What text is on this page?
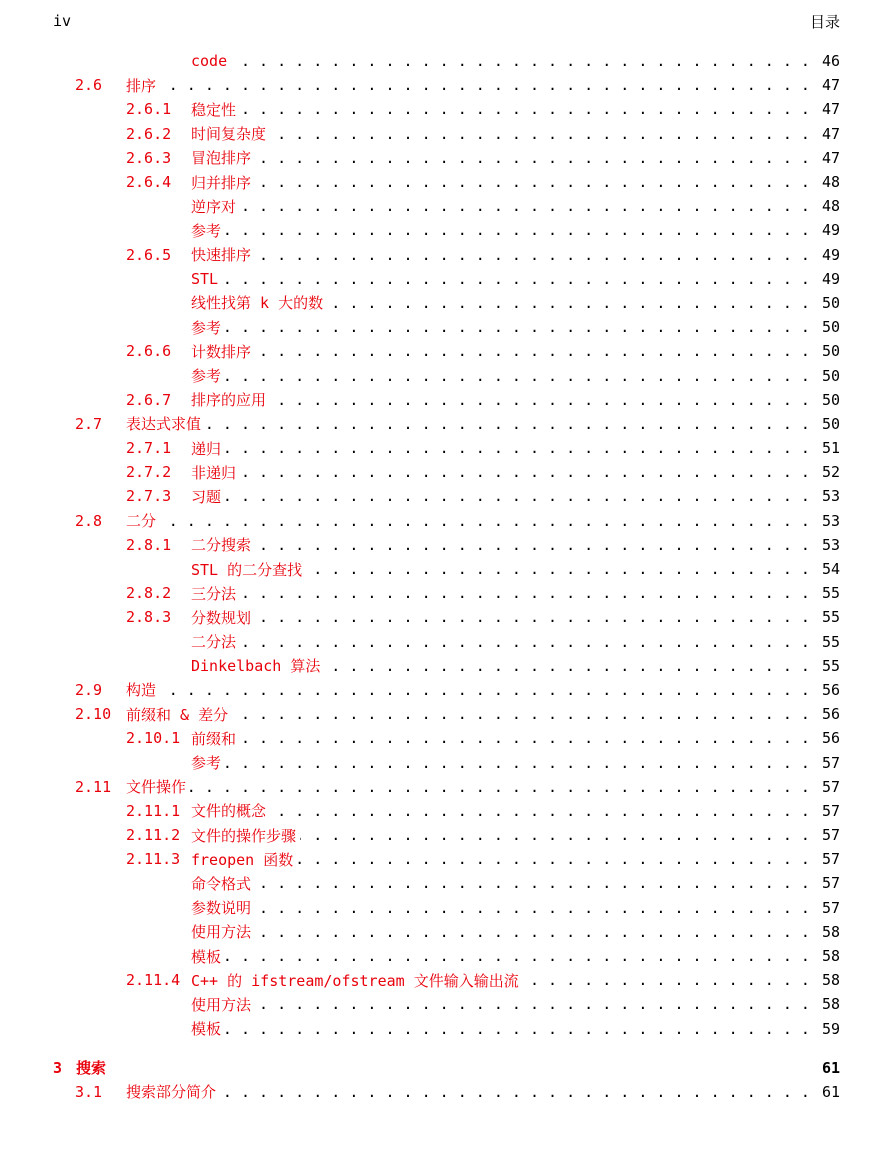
iv	目录
code . . .	46
2.6	排序 . . .	47
2.6.1	稳定性 . . .	47
2.6.2	时间复杂度 . . .	47
2.6.3	冒泡排序 . . .	47
2.6.4	归并排序 . . .	48
逆序对 . . .	48
参考 . . .	49
2.6.5	快速排序 . . .	49
STL . . .	49
线性找第 k 大的数 . . .	50
参考 . . .	50
2.6.6	计数排序 . . .	50
参考 . . .	50
2.6.7	排序的应用 . . .	50
2.7	表达式求值 . . .	50
2.7.1	递归 . . .	51
2.7.2	非递归 . . .	52
2.7.3	习题 . . .	53
2.8	二分 . . .	53
2.8.1	二分搜索 . . .	53
STL 的二分查找 . . .	54
2.8.2	三分法 . . .	55
2.8.3	分数规划 . . .	55
二分法 . . .	55
Dinkelbach 算法 . . .	55
2.9	构造 . . .	56
2.10 前缀和 & 差分 . . .	56
2.10.1 前缀和 . . .	56
参考 . . .	57
2.11 文件操作 . . .	57
2.11.1 文件的概念 . . .	57
2.11.2 文件的操作步骤 . . .	57
2.11.3 freopen 函数 . . .	57
命令格式 . . .	57
参数说明 . . .	57
使用方法 . . .	58
模板 . . .	58
2.11.4 C++ 的 ifstream/ofstream 文件输入输出流 . . .	58
使用方法 . . .	58
模板 . . .	59
3 搜索	61
3.1	搜索部分简介 . . .	61
